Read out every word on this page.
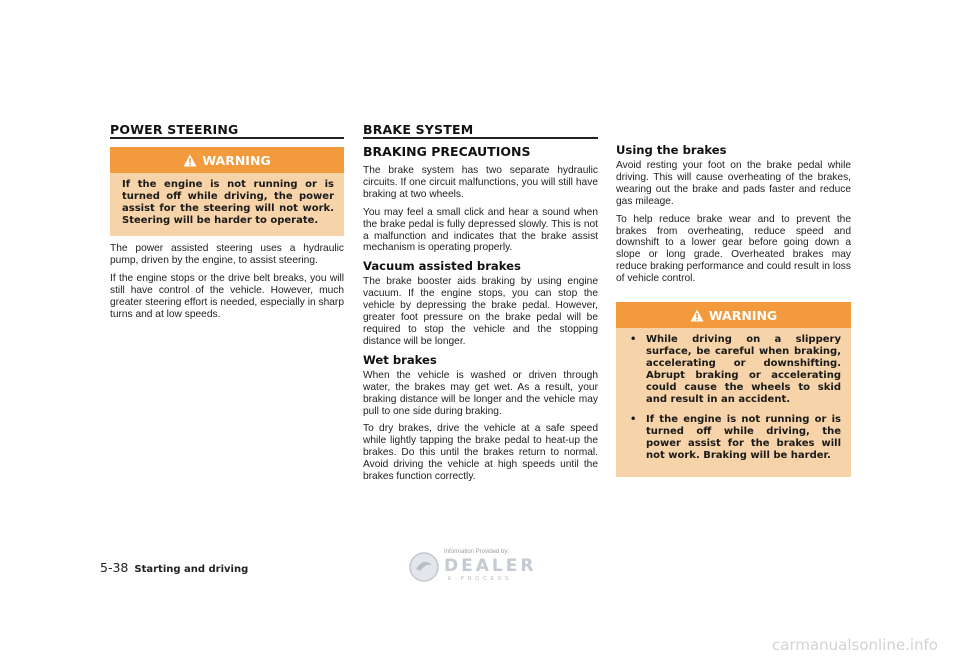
POWER STEERING
WARNING
If the engine is not running or is turned off while driving, the power assist for the steering will not work. Steering will be harder to operate.

The power assisted steering uses a hydraulic pump, driven by the engine, to assist steering.

If the engine stops or the drive belt breaks, you will still have control of the vehicle. However, much greater steering effort is needed, especially in sharp turns and at low speeds.

BRAKE SYSTEM
BRAKING PRECAUTIONS

The brake system has two separate hydraulic circuits. If one circuit malfunctions, you will still have braking at two wheels.

You may feel a small click and hear a sound when the brake pedal is fully depressed slowly. This is not a malfunction and indicates that the brake assist mechanism is operating properly.

Vacuum assisted brakes

The brake booster aids braking by using engine vacuum. If the engine stops, you can stop the vehicle by depressing the brake pedal. However, greater foot pressure on the brake pedal will be required to stop the vehicle and the stopping distance will be longer.

Wet brakes

When the vehicle is washed or driven through water, the brakes may get wet. As a result, your braking distance will be longer and the vehicle may pull to one side during braking.

To dry brakes, drive the vehicle at a safe speed while lightly tapping the brake pedal to heat-up the brakes. Do this until the brakes return to normal. Avoid driving the vehicle at high speeds until the brakes function correctly.

Using the brakes

Avoid resting your foot on the brake pedal while driving. This will cause overheating of the brakes, wearing out the brake and pads faster and reduce gas mileage.

To help reduce brake wear and to prevent the brakes from overheating, reduce speed and downshift to a lower gear before going down a slope or long grade. Overheated brakes may reduce braking performance and could result in loss of vehicle control.

WARNING
• While driving on a slippery surface, be careful when braking, accelerating or downshifting. Abrupt braking or accelerating could cause the wheels to skid and result in an accident.
• If the engine is not running or is turned off while driving, the power assist for the brakes will not work. Braking will be harder.
5-38 Starting and driving
Information Provided by:
DEALER
E-PROCESS
carmanualsonline.info
